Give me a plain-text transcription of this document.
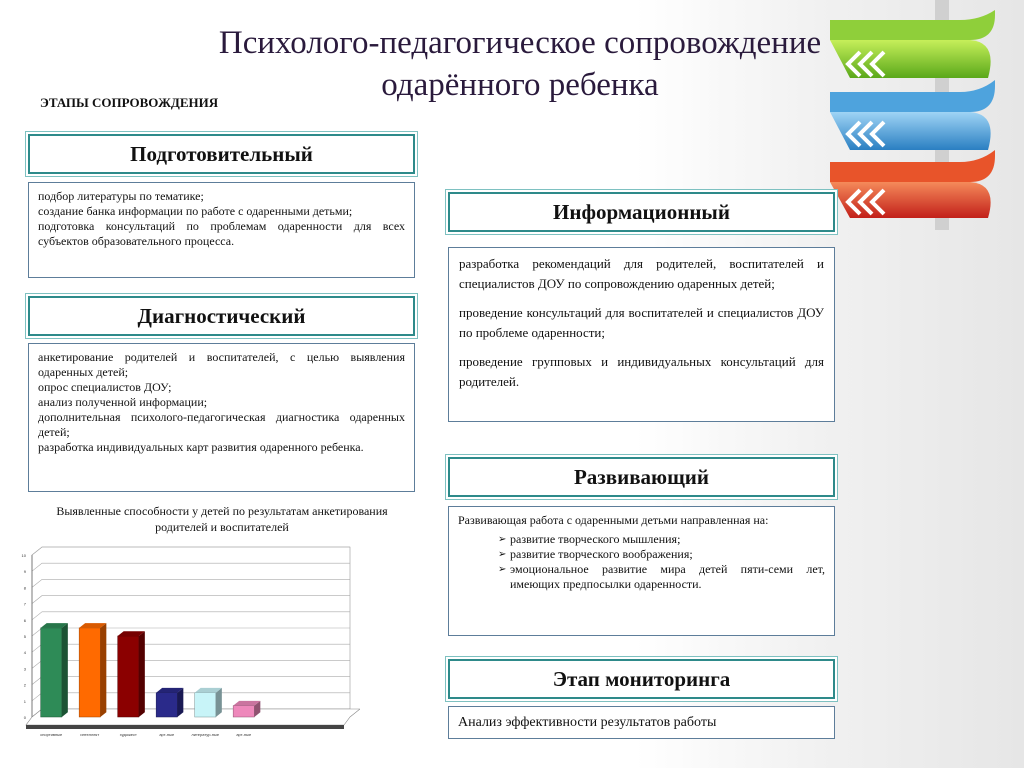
Психолого-педагогическое сопровождение
одарённого ребенка
ЭТАПЫ СОПРОВОЖДЕНИЯ
Подготовительный

подбор литературы по тематике;

создание банка информации по работе с одаренными детьми;

подготовка консультаций по проблемам одаренности для всех субъектов образовательного процесса.

Диагностический

анкетирование родителей и воспитателей, с целью выявления одаренных детей;

опрос специалистов ДОУ;

анализ полученной информации;

дополнительная психолого-педагогическая диагностика одаренных детей;

разработка индивидуальных карт развития одаренного ребенка.

Информационный

разработка рекомендаций для родителей, воспитателей и специалистов ДОУ по сопровождению одаренных детей;

проведение консультаций для воспитателей и специалистов ДОУ по проблеме одаренности;

проведение групповых и индивидуальных консультаций для родителей.

Развивающий

Развивающая работа с одаренными детьми направленная на:

➢ развитие творческого мышления;
➢ развитие творческого воображения;
➢ эмоциональное развитие мира детей пяти-семи лет, имеющих предпосылки одаренности.
Этап мониторинга

Анализ эффективности результатов работы

Выявленные способности у детей по результатам анкетирования родителей и воспитателей
0
1
2
3
4
5
6
7
8
9
10
спортивные	интеллект	художест	арт-ные	литератур-ные	арт-ные
